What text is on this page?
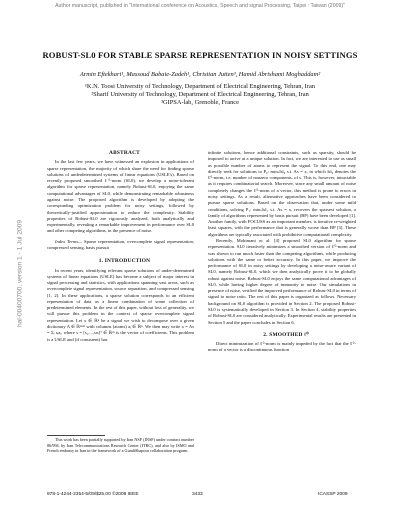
Author manuscript, published in "International conference on Acoustics, Speech and signal Processing, Taipei : Taiwan (2009)"
hal-00400700, version 1 - 1 Jul 2009
ROBUST-SL0 FOR STABLE SPARSE REPRESENTATION IN NOISY SETTINGS
Armin Eftekhari¹, Massoud Babaie-Zadeh¹, Christian Jutten³, Hamid Abrishami Moghaddam²
¹K.N. Toosi University of Technology, Department of Electrical Engineering, Tehran, Iran
²Sharif University of Technology, Department of Electrical Engineering, Tehran, Iran
³GIPSA-lab, Grenoble, France

ABSTRACT

In the last few years, we have witnessed an explosion in applications of sparse representation, the majority of which share the need for finding sparse solutions of underdetermined systems of linear equations (USLE's). Based on recently proposed smoothed ℓ⁰-norm (SL0), we develop a noise-tolerant algorithm for sparse representation, namely Robust-SL0, enjoying the same computational advantages of SL0, while demonstrating remarkable robustness against noise. The proposed algorithm is developed by adopting the corresponding optimization problem for noisy settings, followed by theoretically-justified approximation to reduce the complexity. Stability properties of Robust-SL0 are rigorously analyzed, both analytically and experimentally, revealing a remarkable improvement in performance over SL0 and other competing algorithms, in the presence of noise.

Index Terms— Sparse representation, overcomplete signal representation, compressed sensing, basis pursuit

1. INTRODUCTION

In recent years, identifying relevant sparse solutions of under-determined systems of linear equations (USLE) has become a subject of major interest in signal processing and statistics, with applications spanning vast areas, such as overcomplete signal representation, source separation, and compressed sensing [1, 2]. In these applications, a sparse solution corresponds to an efficient representation of data as a linear combination of some collection of predetermined elements. In the rest of this paper, without loss of generality, we will pursue this problem in the context of sparse overcomplete signal representation. Let x ∈ ℝⁿ be a signal we wish to decompose over a given dictionary A ∈ ℝⁿˣᵐ with columns (atoms) aᵢ ∈ ℝⁿ. We then may write x = As = Σᵢ sᵢaᵢ, where s = [s₁,...,sₘ]ᵀ ∈ ℝᵐ is the vector of coefficients. This problem is a USLE and (if consistent) has

This work has been partially supported by Iran NSF (INSF) under contract number 86/994, by Iran Telecommunications Research Center (ITRC), and also by ISMO and French embassy in Iran in the framework of a GundiShapour collaboration program.

infinite solutions, hence additional constraints, such as sparsity, should be imposed to arrive at a unique solution. In fact, we are interested to use as small as possible number of atoms to represent the signal. To this end, one may directly seek for solutions to P₀: minₛ‖s‖₀ s.t. As = x, in which ‖s‖₀ denotes the ℓ⁰-norm, i.e. number of nonzero components, of s. This is, however, intractable as it requires combinatorial search. Moreover, since any small amount of noise completely changes the ℓ⁰-norm of a vector, this method is prone to errors in noisy settings. As a result, alternative approaches have been considered to pursue sparse solutions. Based on the observation that, under some mild conditions, solving P₁: minₛ‖s‖₁ s.t. As = x, recovers the sparsest solution, a family of algorithms represented by basis pursuit (BP) have been developed [1]. Another family, with FOCUSS as an important member, is iterative re-weighted least squares, with the performance that is generally worse than BP [3]. These algorithms are typically associated with prohibitive computational complexity.

Recently, Mohimani et al. [4] proposed SL0 algorithm for sparse representation. SL0 iteratively minimizes a smoothed version of ℓ⁰-norm and was shown to run much faster than the competing algorithms, while producing solutions with the same or better accuracy. In this paper, we improve the performance of SL0 in noisy settings by developing a noise-aware variant of SL0, namely Robust-SL0, which we then analytically prove it to be globally robust against noise. Robust-SL0 enjoys the same computational advantages of SL0, while having higher degree of immunity to noise. Our simulations in presence of noise, verified the improved performance of Robust-SL0 in terms of signal to noise ratio. The rest of this paper is organized as follows. Necessary background on SL0 algorithm is provided in Section 2. The proposed Robust-SL0 is systematically developed in Section 3. In Section 4, stability properties of Robust-SL0 are considered analytically. Experimental results are presented in Section 5 and the paper concludes in Section 6.

2. SMOOTHED ℓ⁰

Direct minimization of ℓ⁰-norm is mainly impeded by the fact that the ℓ⁰-norm of a vector is a discontinuous function

978-1-4244-2354-5/09/$25.00 ©2009 IEEE	3433	ICASSP 2009
